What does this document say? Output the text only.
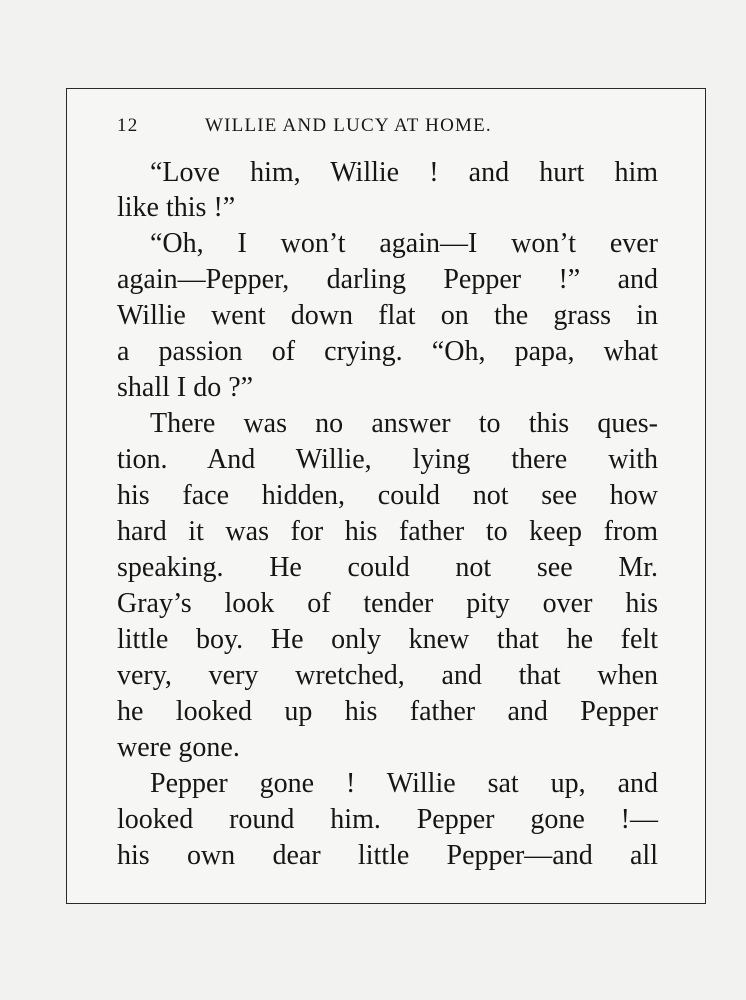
12	WILLIE AND LUCY AT HOME.
“Love him, Willie ! and hurt him
like this !”
“Oh, I won’t again—I won’t ever
again—Pepper, darling Pepper !” and
Willie went down flat on the grass in
a passion of crying. “Oh, papa, what
shall I do ?”
There was no answer to this ques-
tion. And Willie, lying there with
his face hidden, could not see how
hard it was for his father to keep from
speaking. He could not see Mr.
Gray’s look of tender pity over his
little boy. He only knew that he felt
very, very wretched, and that when
he looked up his father and Pepper
were gone.
Pepper gone ! Willie sat up, and
looked round him. Pepper gone !—
his own dear little Pepper—and all
